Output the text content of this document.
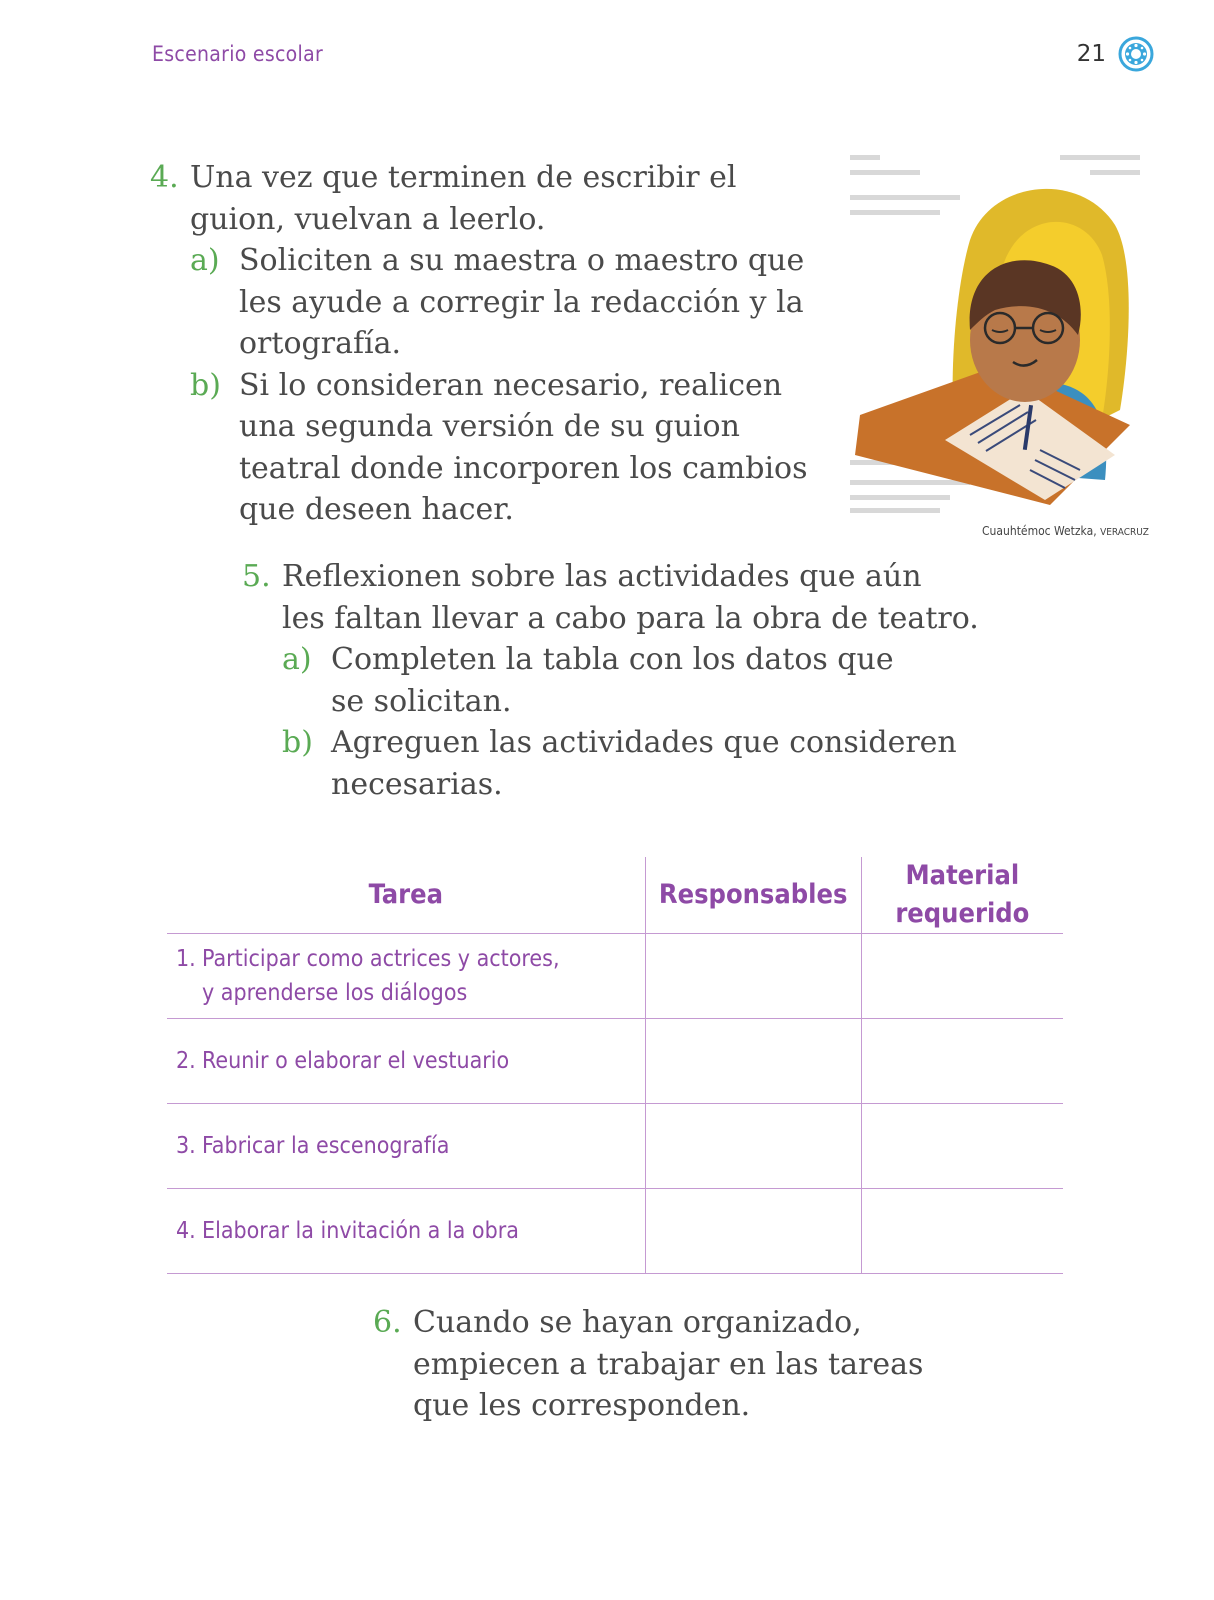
Escenario escolar	21
4. Una vez que terminen de escribir el
guion, vuelvan a leerlo.
a) Soliciten a su maestra o maestro que
les ayude a corregir la redacción y la
ortografía.
b) Si lo consideran necesario, realicen
una segunda versión de su guion
teatral donde incorporen los cambios
que deseen hacer.
Cuauhtémoc Wetzka, VERACRUZ
5. Reflexionen sobre las actividades que aún
les faltan llevar a cabo para la obra de teatro.
a) Completen la tabla con los datos que
se solicitan.
b) Agreguen las actividades que consideren
necesarias.
Tarea	Responsables	Material
requerido

1. Participar como actrices y actores,
y aprenderse los diálogos		

2. Reunir o elaborar el vestuario		

3. Fabricar la escenografía		

4. Elaborar la invitación a la obra		

6. Cuando se hayan organizado,
empiecen a trabajar en las tareas
que les corresponden.
